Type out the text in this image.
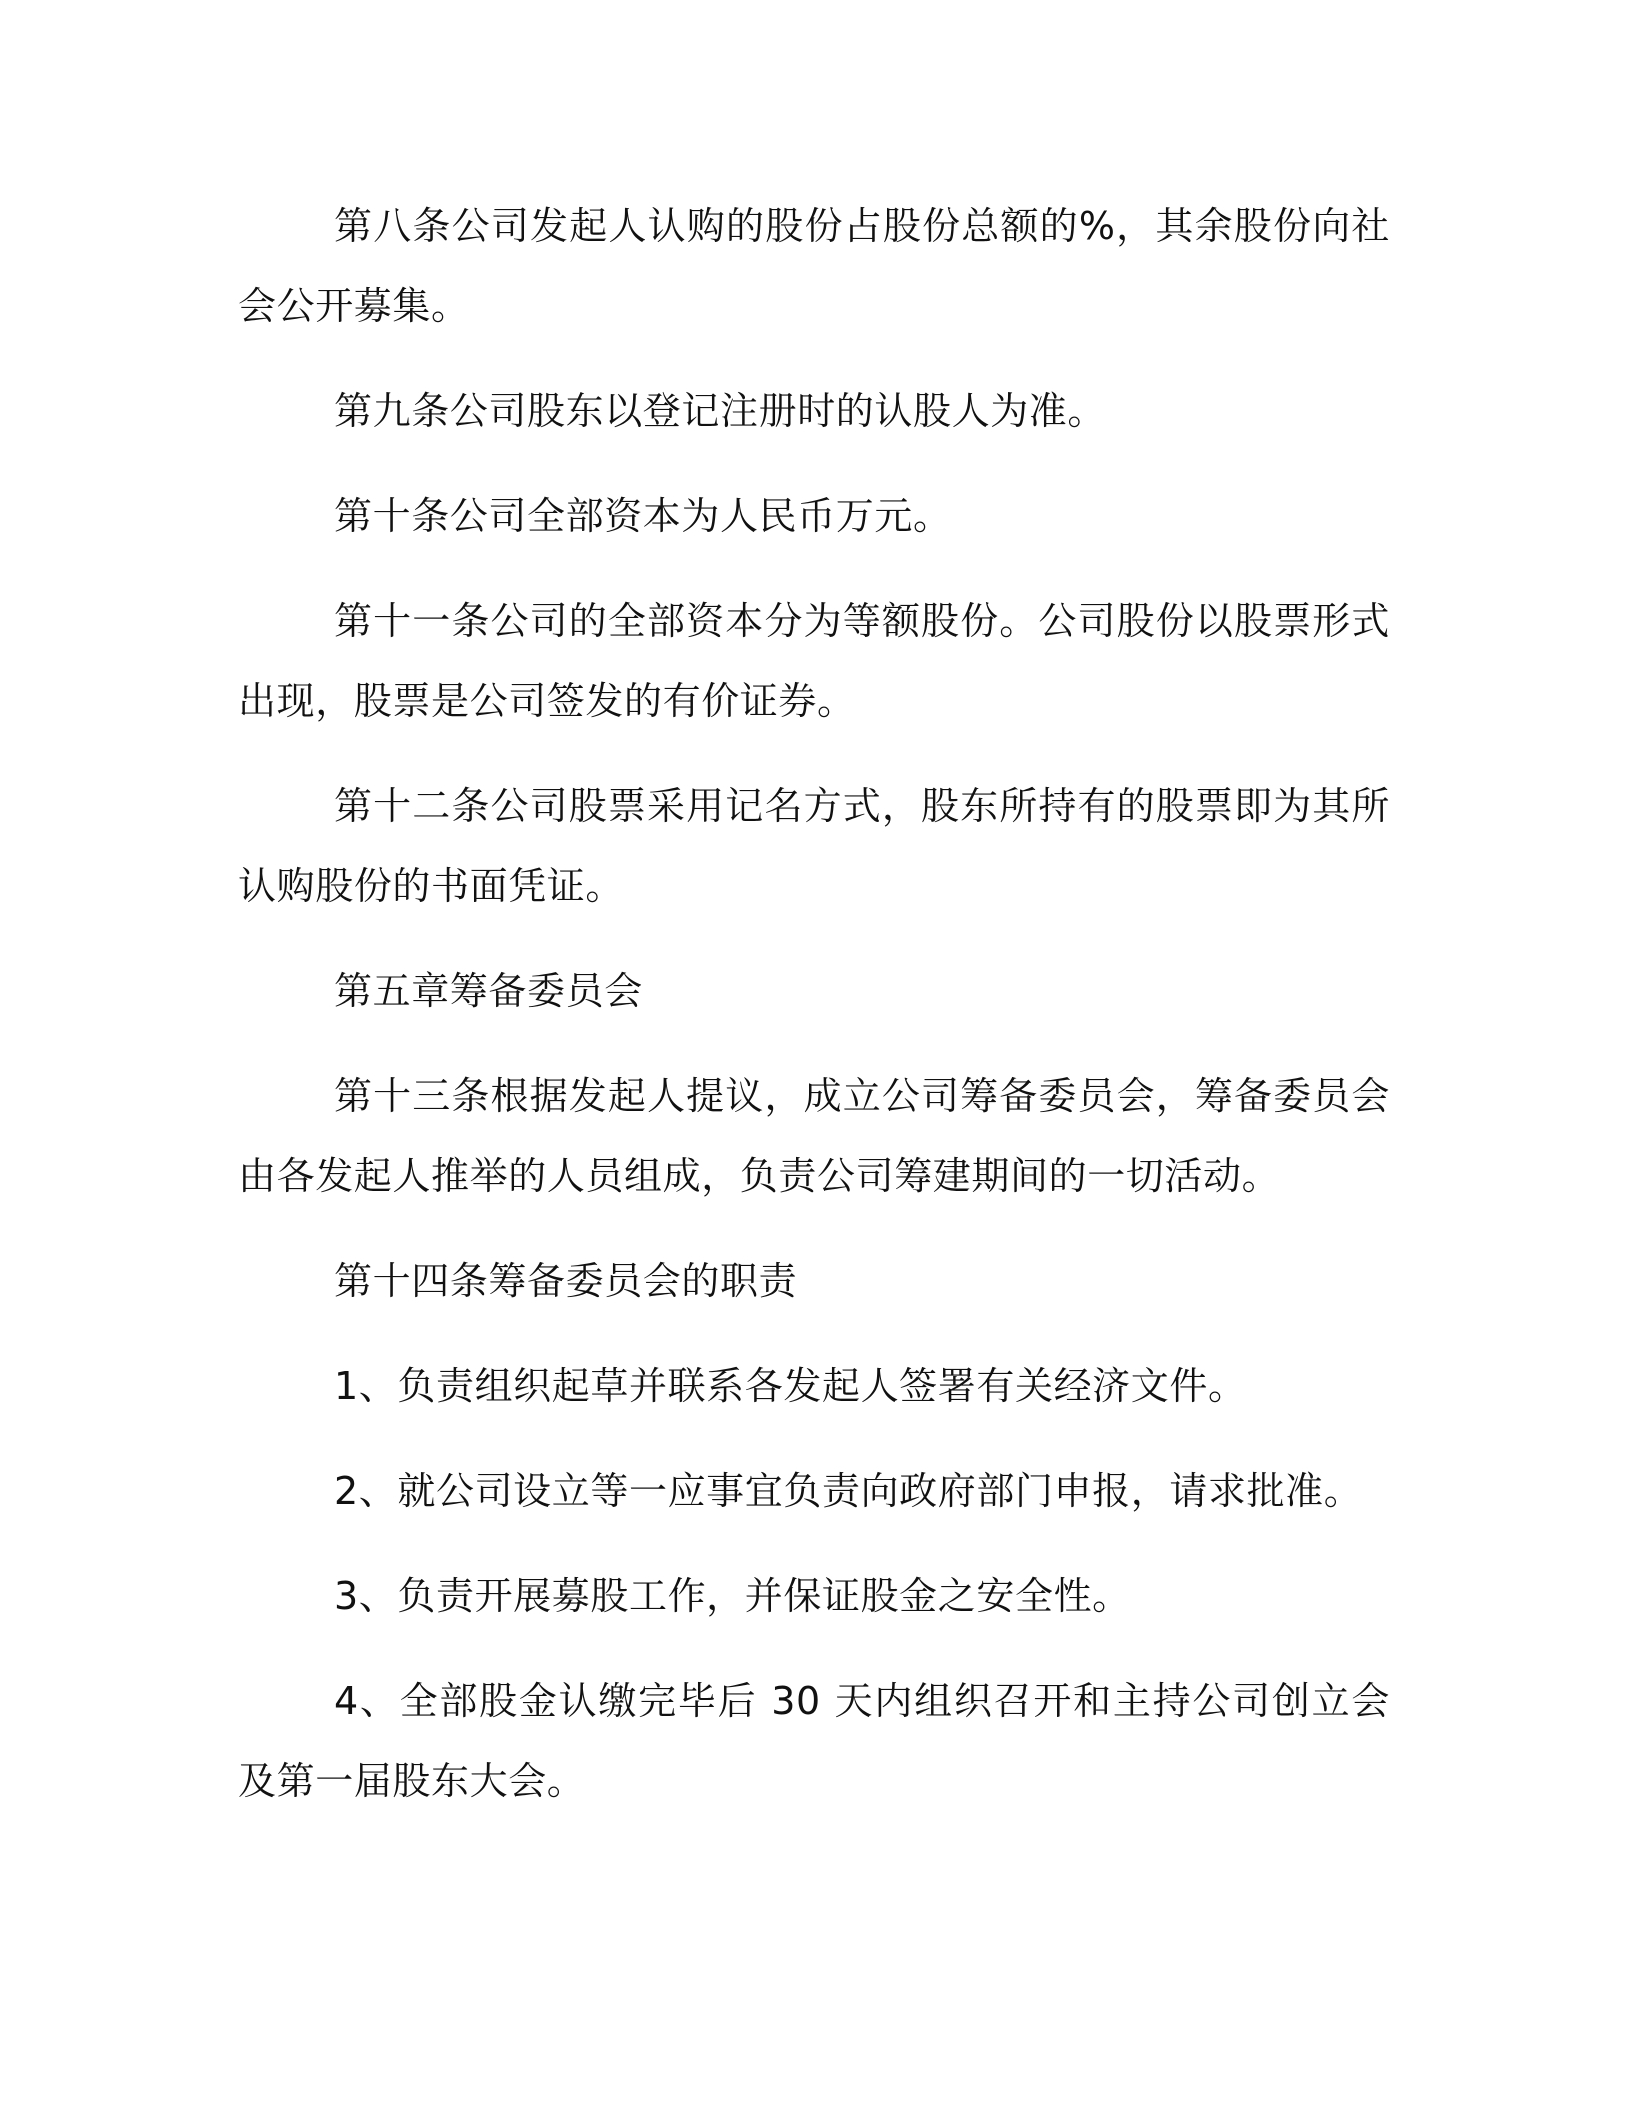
第八条公司发起人认购的股份占股份总额的%，其余股份向社会公开募集。

第九条公司股东以登记注册时的认股人为准。

第十条公司全部资本为人民币万元。

第十一条公司的全部资本分为等额股份。公司股份以股票形式出现，股票是公司签发的有价证券。

第十二条公司股票采用记名方式，股东所持有的股票即为其所认购股份的书面凭证。

第五章筹备委员会

第十三条根据发起人提议，成立公司筹备委员会，筹备委员会由各发起人推举的人员组成，负责公司筹建期间的一切活动。

第十四条筹备委员会的职责

1、负责组织起草并联系各发起人签署有关经济文件。

2、就公司设立等一应事宜负责向政府部门申报，请求批准。

3、负责开展募股工作，并保证股金之安全性。

4、全部股金认缴完毕后 30 天内组织召开和主持公司创立会及第一届股东大会。
